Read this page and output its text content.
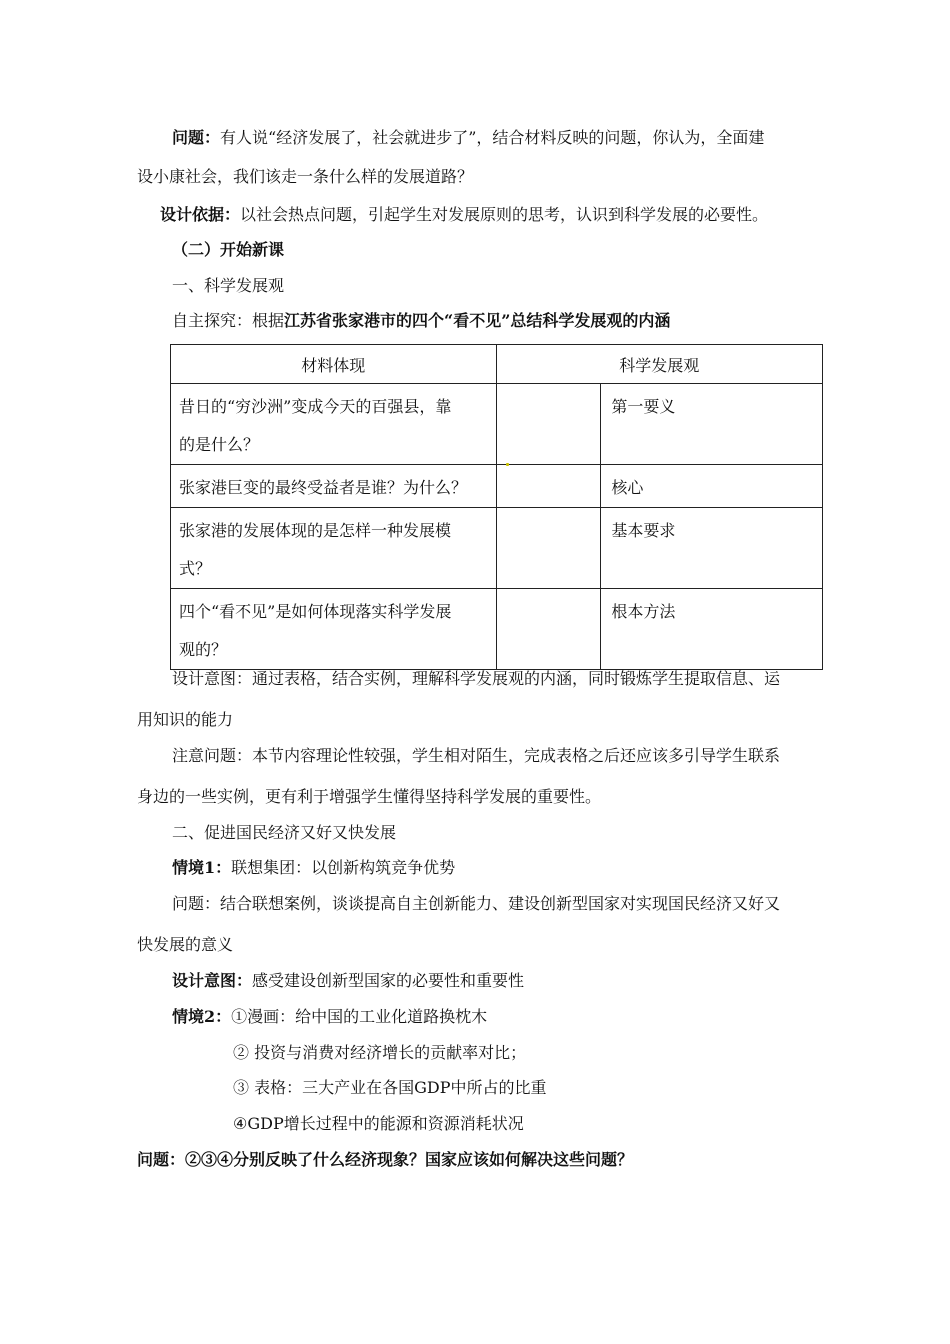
问题：有人说“经济发展了，社会就进步了”，结合材料反映的问题，你认为，全面建
设小康社会，我们该走一条什么样的发展道路？
设计依据：以社会热点问题，引起学生对发展原则的思考，认识到科学发展的必要性。
（二）开始新课
一、科学发展观
自主探究：根据江苏省张家港市的四个“看不见”总结科学发展观的内涵
材料体现	科学发展观	
昔日的“穷沙洲”变成今天的百强县，靠
的是什么？		第一要义
张家港巨变的最终受益者是谁？为什么？		核心
张家港的发展体现的是怎样一种发展模
式？		基本要求
四个“看不见”是如何体现落实科学发展
观的？		根本方法
设计意图：通过表格，结合实例，理解科学发展观的内涵，同时锻炼学生提取信息、运
用知识的能力
注意问题：本节内容理论性较强，学生相对陌生，完成表格之后还应该多引导学生联系
身边的一些实例，更有利于增强学生懂得坚持科学发展的重要性。
二、促进国民经济又好又快发展
情境1：联想集团：以创新构筑竞争优势
问题：结合联想案例，谈谈提高自主创新能力、建设创新型国家对实现国民经济又好又
快发展的意义
设计意图：感受建设创新型国家的必要性和重要性
情境2：①漫画：给中国的工业化道路换枕木
② 投资与消费对经济增长的贡献率对比；
③ 表格：三大产业在各国GDP中所占的比重
④GDP增长过程中的能源和资源消耗状况
问题：②③④分别反映了什么经济现象？国家应该如何解决这些问题？
